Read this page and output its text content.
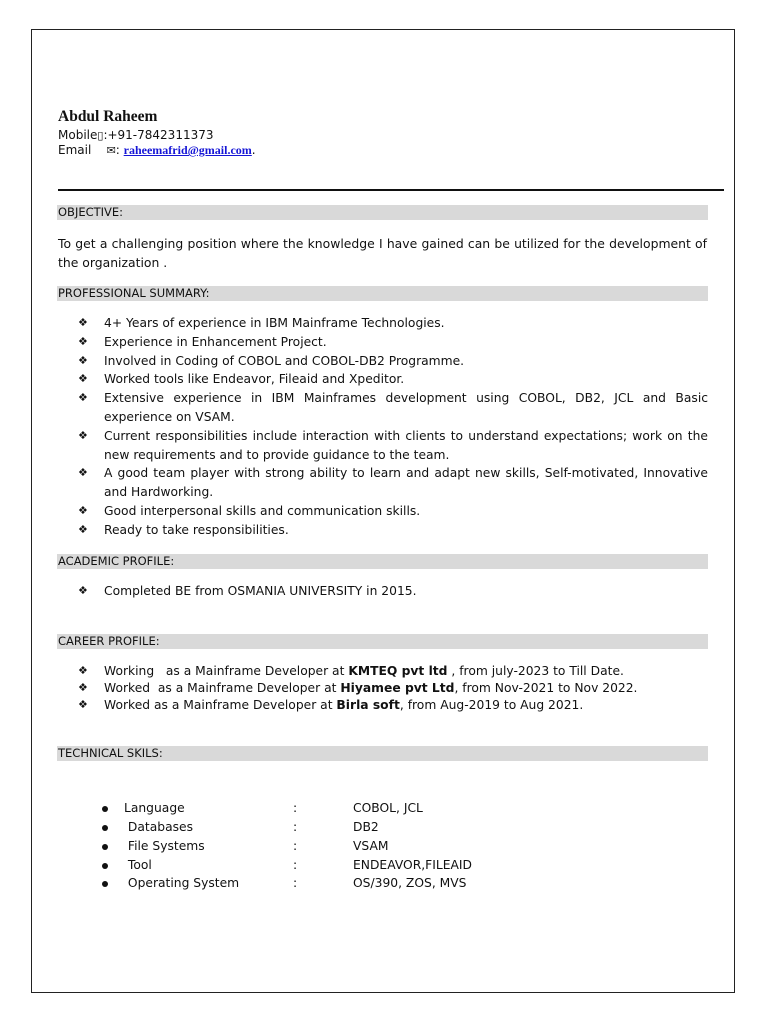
Abdul Raheem
Mobile▯:+91-7842311373
Email ✉: raheemafrid@gmail.com.
OBJECTIVE:
To get a challenging position where the knowledge I have gained can be utilized for the development of the organization .
PROFESSIONAL SUMMARY:
❖ 4+ Years of experience in IBM Mainframe Technologies.
❖ Experience in Enhancement Project.
❖ Involved in Coding of COBOL and COBOL-DB2 Programme.
❖ Worked tools like Endeavor, Fileaid and Xpeditor.
❖ Extensive experience in IBM Mainframes development using COBOL, DB2, JCL and Basic experience on VSAM.
❖ Current responsibilities include interaction with clients to understand expectations; work on the new requirements and to provide guidance to the team.
❖ A good team player with strong ability to learn and adapt new skills, Self-motivated, Innovative and Hardworking.
❖ Good interpersonal skills and communication skills.
❖ Ready to take responsibilities.
ACADEMIC PROFILE:
❖ Completed BE from OSMANIA UNIVERSITY in 2015.
CAREER PROFILE:
❖ Working   as a Mainframe Developer at KMTEQ pvt ltd , from july-2023 to Till Date.
❖ Worked  as a Mainframe Developer at Hiyamee pvt Ltd, from Nov-2021 to Nov 2022.
❖ Worked as a Mainframe Developer at Birla soft, from Aug-2019 to Aug 2021.
TECHNICAL SKILS:
Language	:	COBOL, JCL
Databases	:	DB2
File Systems	:	VSAM
Tool	:	ENDEAVOR,FILEAID
Operating System	:	OS/390, ZOS, MVS
